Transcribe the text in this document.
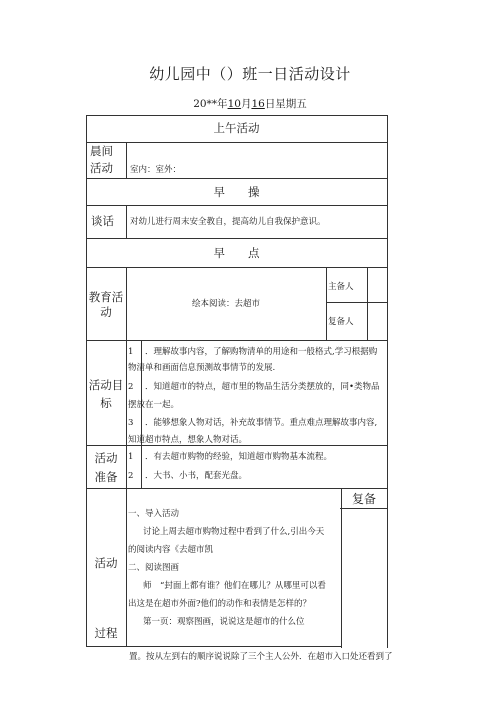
幼儿园中（）班一日活动设计
20**年10月16日星期五
上午活动
晨间
活动 室内：室外：
早　　操
谈话 对幼儿进行周末安全教自，提高幼儿自我保护意识。
早　　点
教育活
动
绘本阅读：去超市
主备人
复备人
活动目
标
1 ．理解故事内容，了解购物清单的用途和一般格式,学习根据购
物清单和画面信息预测故事情节的发展.
2 ．知道超市的特点，超市里的物品生活分类摆放的，同•类物品
摆放在一起。
3 ．能够想象人物对话，补充故事情节。重点难点理解故事内容,
知道超市特点，想象人物对话。
活动
准备
1 ．有去超市购物的经验，知道超市购物基本流程。
2 ．大书、小书，配套光盘。
活动
过程
复备
一、导入活动
讨论上周去超市购物过程中看到了什么,引出今天
的阅读内容《去超市凯
二、阅读图画
师　“封面上都有谁？他们在哪儿？从哪里可以看
出这是在超市外面?他们的动作和表情是怎样的？
第一页：观察图画，说说这是超市的什么位
置。按从左到右的顺序说说除了三个主人公外．在超市入口处还看到了
